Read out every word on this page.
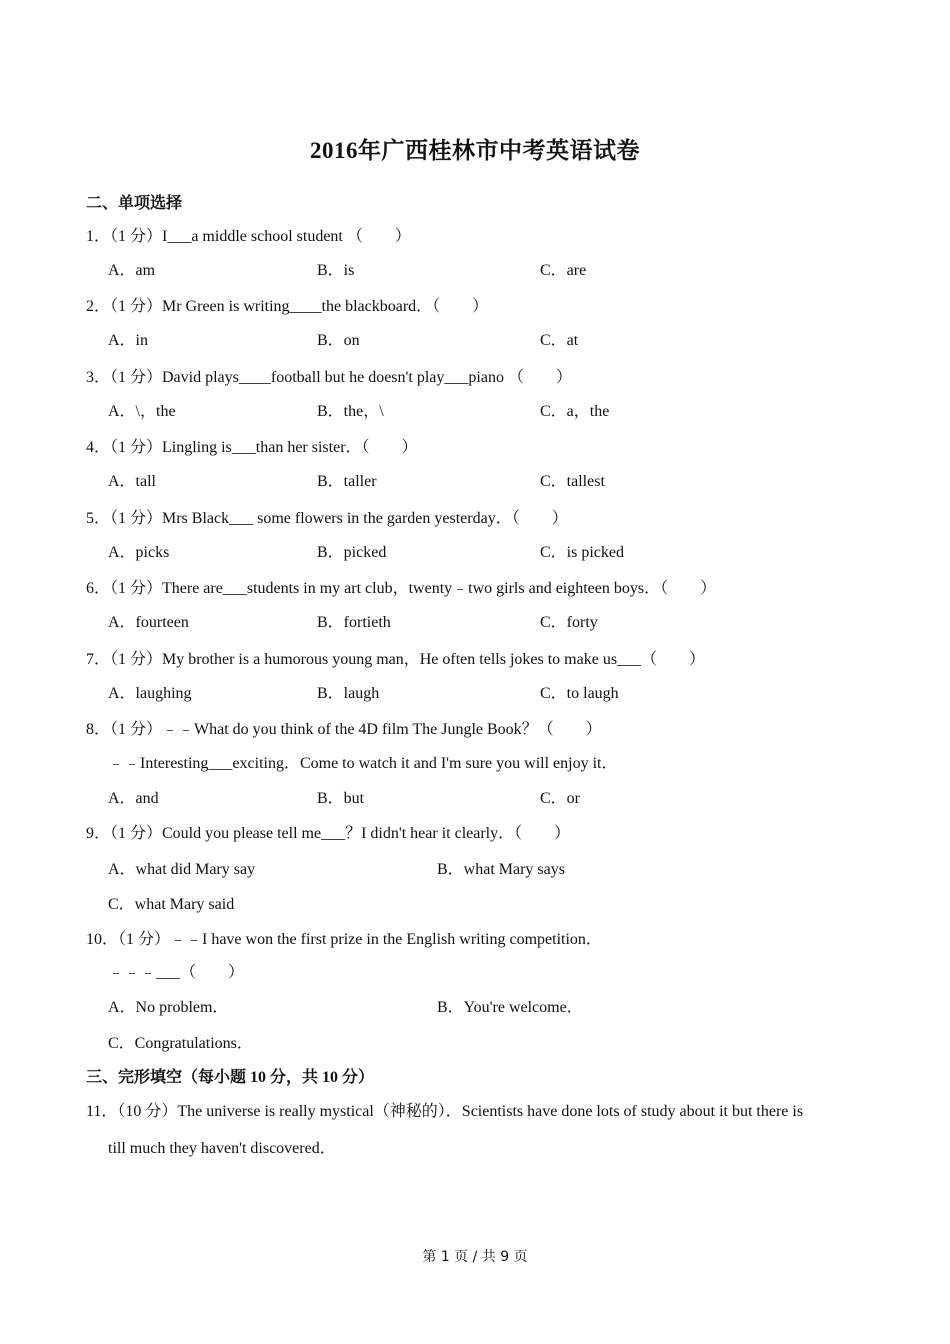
2016年广西桂林市中考英语试卷
二、单项选择
1．（1 分）I___a middle school student （　　）
A．am	B．is	C．are
2．（1 分）Mr Green is writing____the blackboard．（　　）
A．in	B．on	C．at
3．（1 分）David plays____football but he doesn't play___piano （　　）
A．\，the	B．the，\	C．a，the
4．（1 分）Lingling is___than her sister．（　　）
A．tall	B．taller	C．tallest
5．（1 分）Mrs Black___ some flowers in the garden yesterday．（　　）
A．picks	B．picked	C．is picked
6．（1 分）There are___students in my art club，twenty﹣two girls and eighteen boys．（　　）
A．fourteen	B．fortieth	C．forty
7．（1 分）My brother is a humorous young man，He often tells jokes to make us___（　　）
A．laughing	B．laugh	C．to laugh
8．（1 分）﹣﹣What do you think of the 4D film The Jungle Book？（　　）
﹣﹣Interesting___exciting．Come to watch it and I'm sure you will enjoy it．
A．and	B．but	C．or
9．（1 分）Could you please tell me___？I didn't hear it clearly．（　　）
A．what did Mary say	B．what Mary says
C．what Mary said
10．（1 分）﹣﹣I have won the first prize in the English writing competition．
﹣﹣﹣___（　　）
A．No problem．	B．You're welcome．
C．Congratulations．
三、完形填空（每小题 10 分，共 10 分）
11．（10 分）The universe is really mystical（神秘的）．Scientists have done lots of study about it but there is
till much they haven't discovered．
第 1 页 / 共 9 页
